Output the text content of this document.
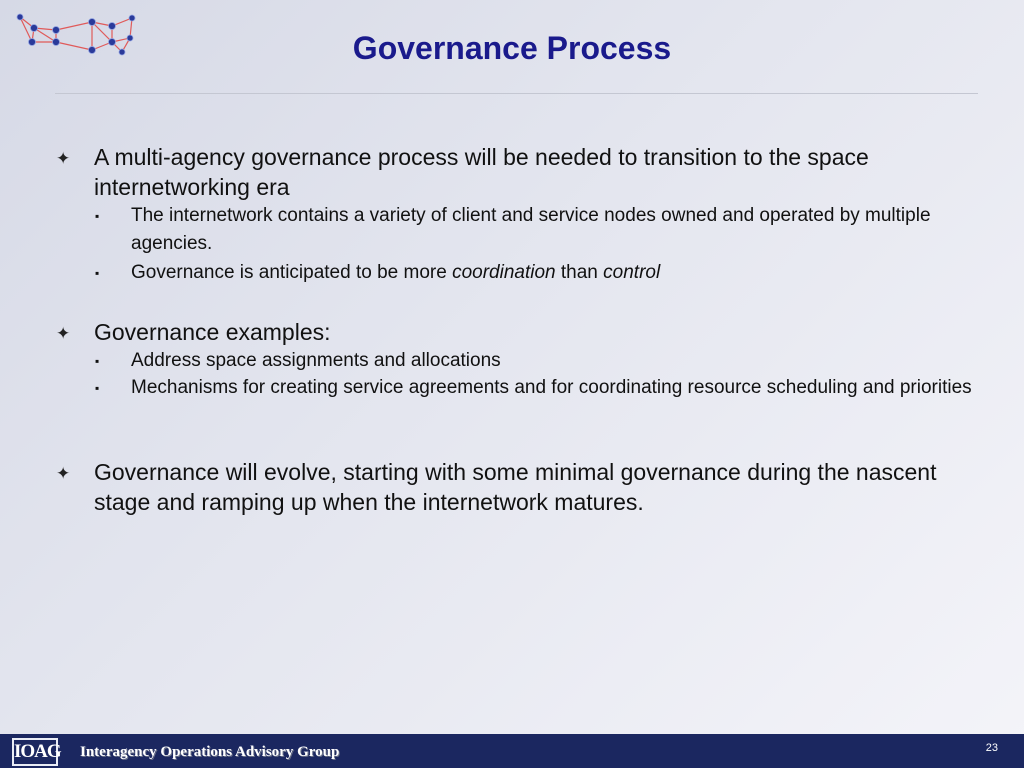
Governance Process
✦ A multi-agency governance process will be needed to transition to the space internetworking era
▪ The internetwork contains a variety of client and service nodes owned and operated by multiple agencies.
▪ Governance is anticipated to be more coordination than control
✦ Governance examples:
▪ Address space assignments and allocations
▪ Mechanisms for creating service agreements and for coordinating resource scheduling and priorities
✦ Governance will evolve, starting with some minimal governance during the nascent stage and ramping up when the internetwork matures.
IOAG Interagency Operations Advisory Group	23
